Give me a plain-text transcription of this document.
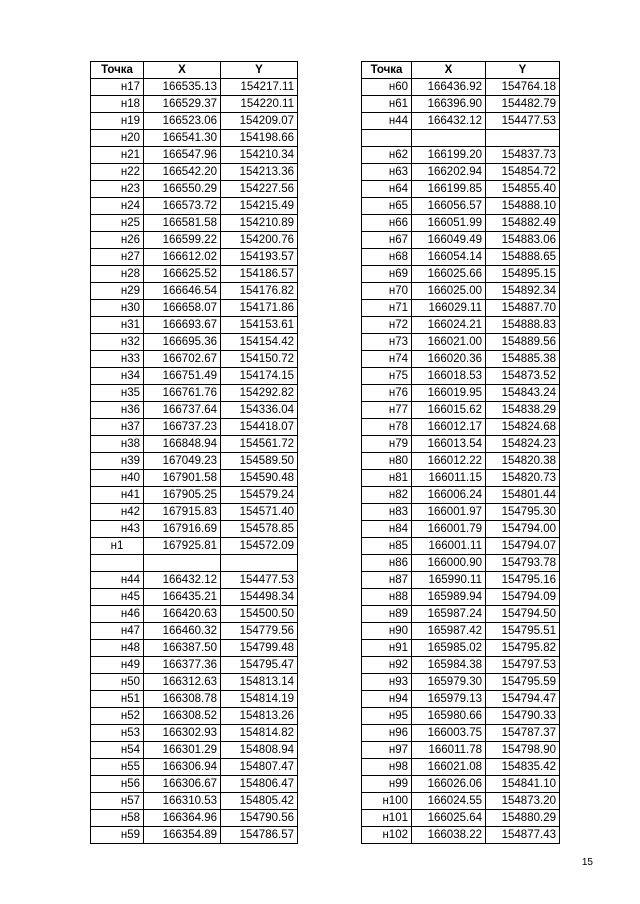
Точка	X	Y
н17	166535.13	154217.11
н18	166529.37	154220.11
н19	166523.06	154209.07
н20	166541.30	154198.66
н21	166547.96	154210.34
н22	166542.20	154213.36
н23	166550.29	154227.56
н24	166573.72	154215.49
н25	166581.58	154210.89
н26	166599.22	154200.76
н27	166612.02	154193.57
н28	166625.52	154186.57
н29	166646.54	154176.82
н30	166658.07	154171.86
н31	166693.67	154153.61
н32	166695.36	154154.42
н33	166702.67	154150.72
н34	166751.49	154174.15
н35	166761.76	154292.82
н36	166737.64	154336.04
н37	166737.23	154418.07
н38	166848.94	154561.72
н39	167049.23	154589.50
н40	167901.58	154590.48
н41	167905.25	154579.24
н42	167915.83	154571.40
н43	167916.69	154578.85
н1	167925.81	154572.09

н44	166432.12	154477.53
н45	166435.21	154498.34
н46	166420.63	154500.50
н47	166460.32	154779.56
н48	166387.50	154799.48
н49	166377.36	154795.47
н50	166312.63	154813.14
н51	166308.78	154814.19
н52	166308.52	154813.26
н53	166302.93	154814.82
н54	166301.29	154808.94
н55	166306.94	154807.47
н56	166306.67	154806.47
н57	166310.53	154805.42
н58	166364.96	154790.56
н59	166354.89	154786.57
Точка	X	Y
н60	166436.92	154764.18
н61	166396.90	154482.79
н44	166432.12	154477.53

н62	166199.20	154837.73
н63	166202.94	154854.72
н64	166199.85	154855.40
н65	166056.57	154888.10
н66	166051.99	154882.49
н67	166049.49	154883.06
н68	166054.14	154888.65
н69	166025.66	154895.15
н70	166025.00	154892.34
н71	166029.11	154887.70
н72	166024.21	154888.83
н73	166021.00	154889.56
н74	166020.36	154885.38
н75	166018.53	154873.52
н76	166019.95	154843.24
н77	166015.62	154838.29
н78	166012.17	154824.68
н79	166013.54	154824.23
н80	166012.22	154820.38
н81	166011.15	154820.73
н82	166006.24	154801.44
н83	166001.97	154795.30
н84	166001.79	154794.00
н85	166001.11	154794.07
н86	166000.90	154793.78
н87	165990.11	154795.16
н88	165989.94	154794.09
н89	165987.24	154794.50
н90	165987.42	154795.51
н91	165985.02	154795.82
н92	165984.38	154797.53
н93	165979.30	154795.59
н94	165979.13	154794.47
н95	165980.66	154790.33
н96	166003.75	154787.37
н97	166011.78	154798.90
н98	166021.08	154835.42
н99	166026.06	154841.10
н100	166024.55	154873.20
н101	166025.64	154880.29
н102	166038.22	154877.43
15
